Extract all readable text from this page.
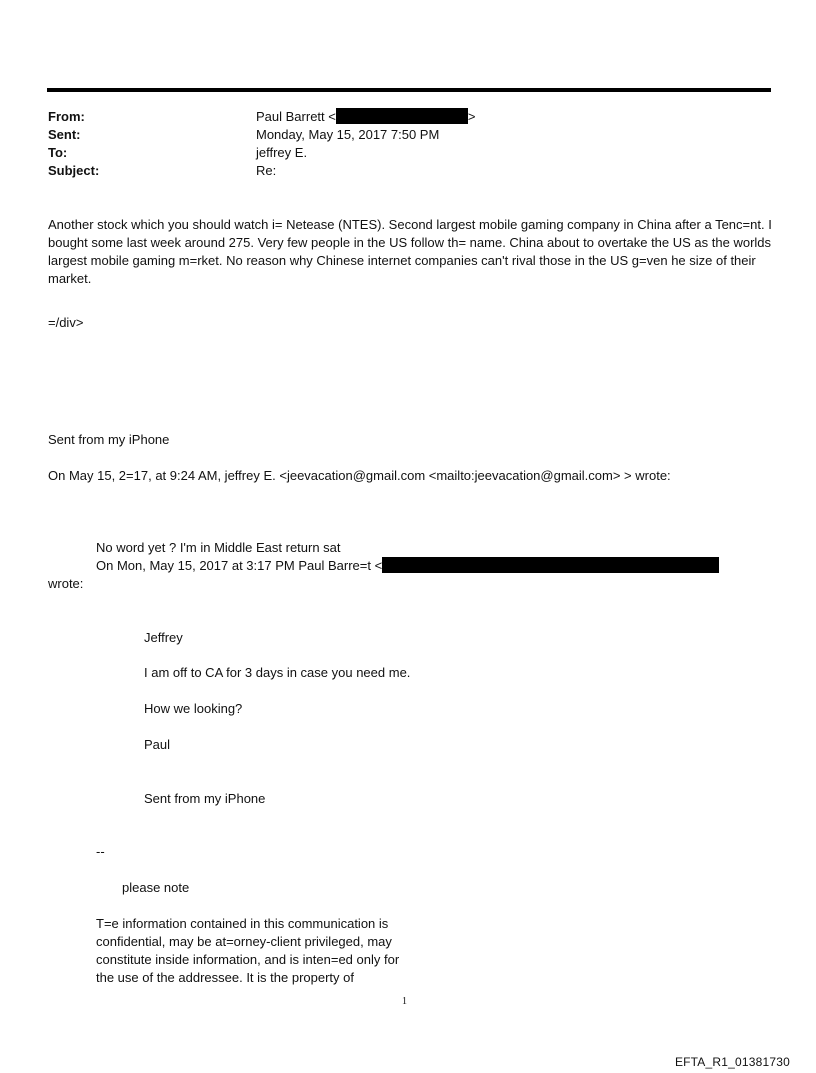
From:	Paul Barrett <	>
Sent:	Monday, May 15, 2017 7:50 PM
To:	jeffrey E.
Subject:	Re:
Another stock which you should watch i= Netease (NTES). Second largest mobile gaming company in China after a Tenc=nt. I bought some last week around 275. Very few people in the US follow th= name. China about to overtake the US as the worlds largest mobile gaming m=rket. No reason why Chinese internet companies can't rival those in the US g=ven he size of their market.
=/div>
Sent from my iPhone
On May 15, 2=17, at 9:24 AM, jeffrey E. <jeevacation@gmail.com <mailto:jeevacation@gmail.com> > wrote:
No word yet ? I'm in Middle East return sat
On Mon, May 15, 2017 at 3:17 PM Paul Barre=t <
wrote:
Jeffrey
I am off to CA for 3 days in case you need me.
How we looking?
Paul
Sent from my iPhone
--
please note
T=e information contained in this communication is
confidential, may be at=orney-client privileged, may
constitute inside information, and is inten=ed only for
the use of the addressee. It is the property of
1
EFTA_R1_01381730
